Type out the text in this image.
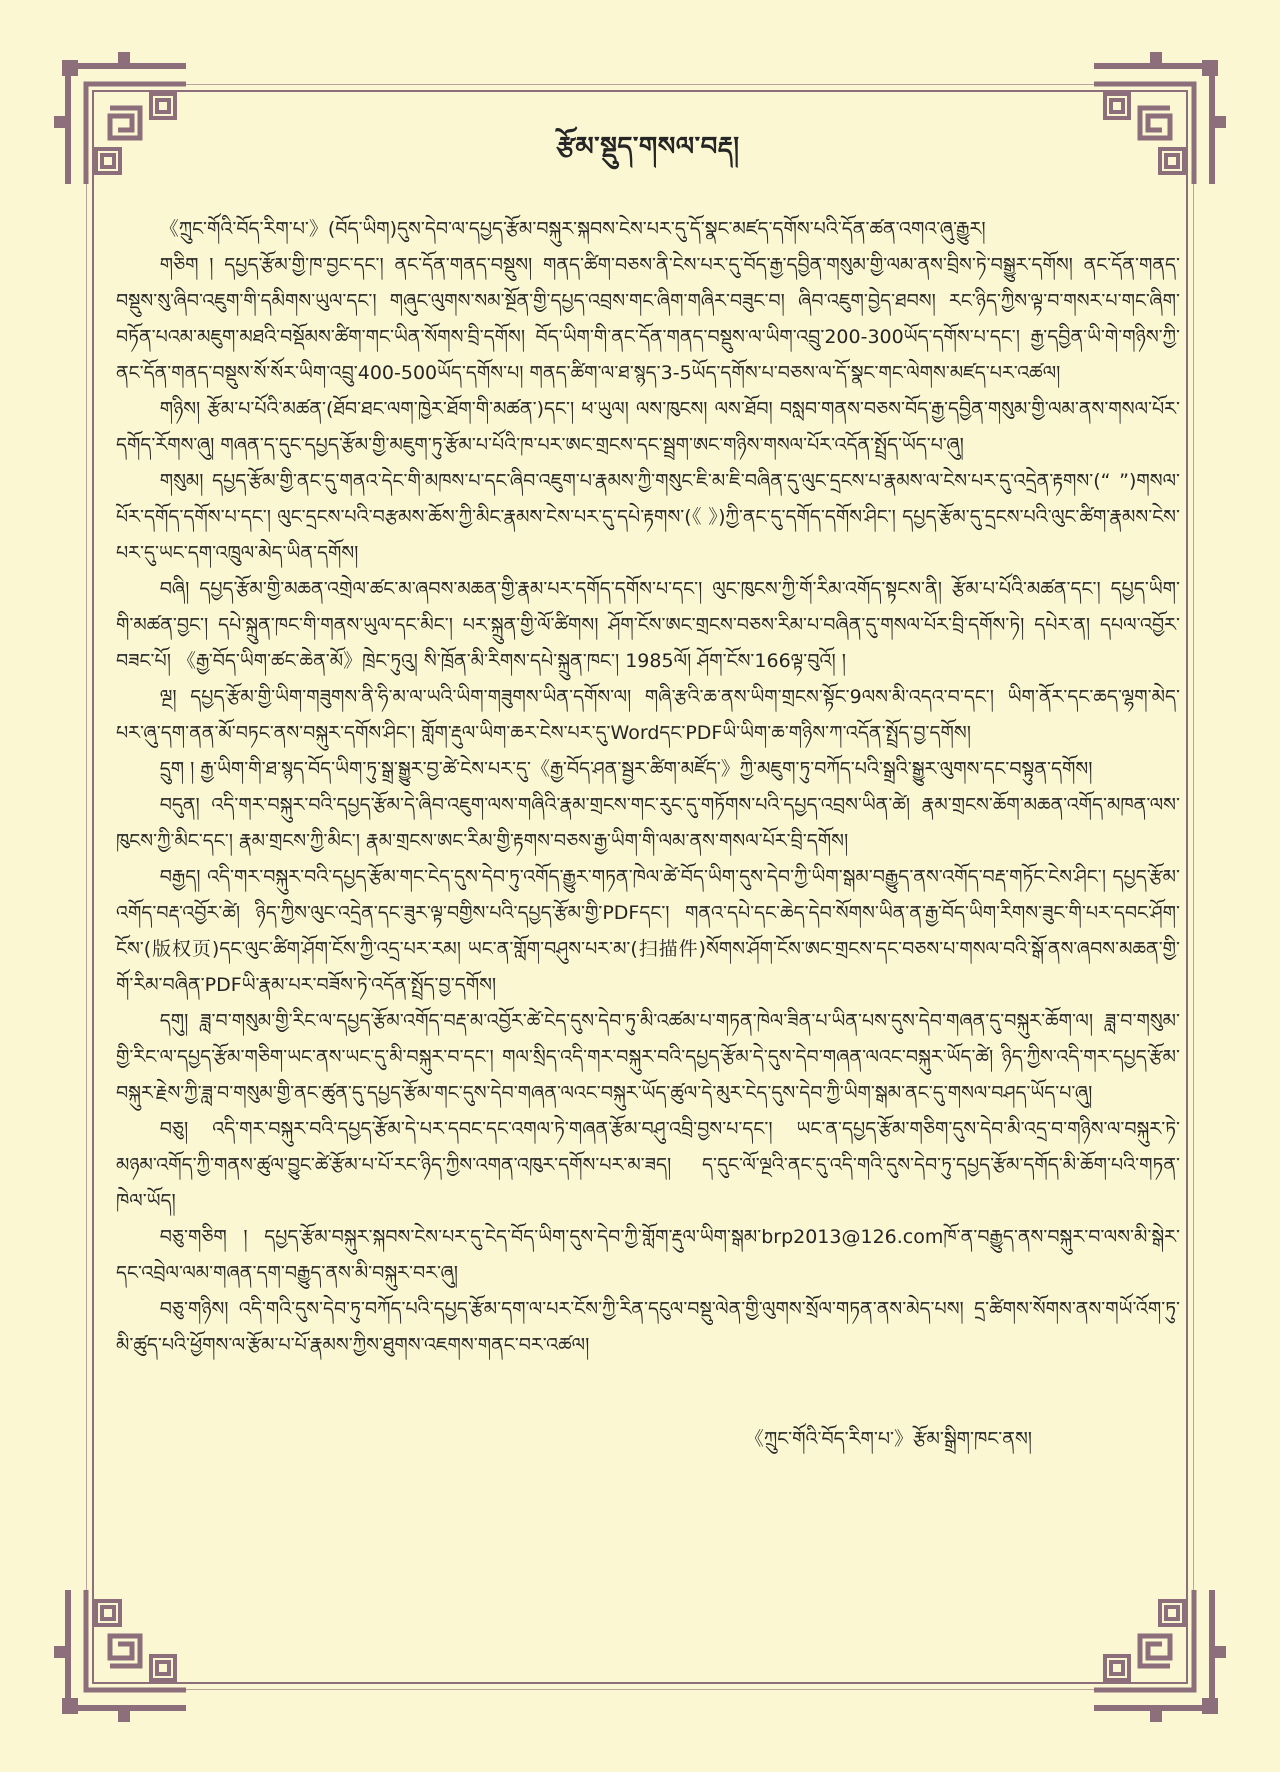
རྩོམ་སྡུད་གསལ་བརྡ།

《ཀྲུང་གོའི་བོད་རིག་པ་》(བོད་ཡིག)དུས་དེབ་ལ་དཔྱད་རྩོམ་བསྐུར་སྐབས་ངེས་པར་དུ་དོ་སྣང་མཛད་དགོས་པའི་དོན་ཚན་འགའ་ཞུ་རྒྱུར།

གཅིག ། དཔྱད་རྩོམ་གྱི་ཁ་བྱང་དང་། ནང་དོན་གནད་བསྡུས། གནད་ཚིག་བཅས་ནི་ངེས་པར་དུ་བོད་རྒྱ་དབྱིན་གསུམ་གྱི་ལམ་ནས་བྲིས་ཏེ་བསྒྱུར་དགོས། ནང་དོན་གནད་བསྡུས་སུ་ཞིབ་འཇུག་གི་དམིགས་ཡུལ་དང་། གཞུང་ལུགས་སམ་སྔོན་གྱི་དཔྱད་འབྲས་གང་ཞིག་གཞིར་བཟུང་བ། ཞིབ་འཇུག་བྱེད་ཐབས། རང་ཉིད་ཀྱིས་ལྟ་བ་གསར་པ་གང་ཞིག་བཏོན་པའམ་མཇུག་མཐའི་བསྡོམས་ཚིག་གང་ཡིན་སོགས་བྲི་དགོས། བོད་ཡིག་གི་ནང་དོན་གནད་བསྡུས་ལ་ཡིག་འབྲུ་200-300ཡོད་དགོས་པ་དང་། རྒྱ་དབྱིན་ཡི་གེ་གཉིས་ཀྱི་ནང་དོན་གནད་བསྡུས་སོ་སོར་ཡིག་འབྲུ་400-500ཡོད་དགོས་པ། གནད་ཚིག་ལ་ཐ་སྙད་3-5ཡོད་དགོས་པ་བཅས་ལ་དོ་སྣང་གང་ལེགས་མཛད་པར་འཚལ།

གཉིས། རྩོམ་པ་པོའི་མཚན་(ཐོབ་ཐང་ལག་ཁྱེར་ཐོག་གི་མཚན་)དང་། ཕ་ཡུལ། ལས་ཁུངས། ལས་ཐོབ། བསླབ་གནས་བཅས་བོད་རྒྱ་དབྱིན་གསུམ་གྱི་ལམ་ནས་གསལ་པོར་དགོད་རོགས་ཞུ། གཞན་ད་དུང་དཔྱད་རྩོམ་གྱི་མཇུག་ཏུ་རྩོམ་པ་པོའི་ཁ་པར་ཨང་གྲངས་དང་སྦྲག་ཨང་གཉིས་གསལ་པོར་འདོན་སྤྲོད་ཡོད་པ་ཞུ།

གསུམ། དཔྱད་རྩོམ་གྱི་ནང་དུ་གནའ་དེང་གི་མཁས་པ་དང་ཞིབ་འཇུག་པ་རྣམས་ཀྱི་གསུང་ཇི་མ་ཇི་བཞིན་དུ་ལུང་དྲངས་པ་རྣམས་ལ་ངེས་པར་དུ་འདྲེན་རྟགས་(“ ”)གསལ་པོར་དགོད་དགོས་པ་དང་། ལུང་དྲངས་པའི་བརྩམས་ཆོས་ཀྱི་མིང་རྣམས་ངེས་པར་དུ་དཔེ་རྟགས་(《 》)ཀྱི་ནང་དུ་དགོད་དགོས་ཤིང་། དཔྱད་རྩོམ་དུ་དྲངས་པའི་ལུང་ཚིག་རྣམས་ངེས་པར་དུ་ཡང་དག་འཁྲུལ་མེད་ཡིན་དགོས།

བཞི། དཔྱད་རྩོམ་གྱི་མཆན་འགྲེལ་ཚང་མ་ཞབས་མཆན་གྱི་རྣམ་པར་དགོད་དགོས་པ་དང་། ལུང་ཁུངས་ཀྱི་གོ་རིམ་འགོད་སྟངས་ནི། རྩོམ་པ་པོའི་མཚན་དང་། དཔྱད་ཡིག་གི་མཚན་བྱང་། དཔེ་སྐྲུན་ཁང་གི་གནས་ཡུལ་དང་མིང་། པར་སྐྲུན་གྱི་ལོ་ཚིགས། ཤོག་ངོས་ཨང་གྲངས་བཅས་རིམ་པ་བཞིན་དུ་གསལ་པོར་བྲི་དགོས་ཏེ། དཔེར་ན། དཔལ་འབྱོར་བཟང་པོ། 《རྒྱ་བོད་ཡིག་ཚང་ཆེན་མོ》ཁྲེང་ཏུའུ། སི་ཁྲོན་མི་རིགས་དཔེ་སྐྲུན་ཁང་། 1985ལོ། ཤོག་ངོས་166ལྟ་བུའོ། །

ལྔ། དཔྱད་རྩོམ་གྱི་ཡིག་གཟུགས་ནི་ཧི་མ་ལ་ཡའི་ཡིག་གཟུགས་ཡིན་དགོས་ལ། གཞི་རྩའི་ཆ་ནས་ཡིག་གྲངས་སྟོང་9ལས་མི་འདའ་བ་དང་། ཡིག་ནོར་དང་ཆད་ལྷག་མེད་པར་ཞུ་དག་ནན་མོ་བཏང་ནས་བསྐུར་དགོས་ཤིང་། གློག་རྡུལ་ཡིག་ཆར་ངེས་པར་དུ་Wordདང་PDFཡི་ཡིག་ཆ་གཉིས་ཀ་འདོན་སྤྲོད་བྱ་དགོས།

དྲུག ། རྒྱ་ཡིག་གི་ཐ་སྙད་བོད་ཡིག་ཏུ་སྒྲ་སྒྱུར་བྱ་ཚེ་ངེས་པར་དུ་《རྒྱ་བོད་ཤན་སྦྱར་ཚིག་མཛོད་》ཀྱི་མཇུག་ཏུ་བཀོད་པའི་སྒྲའི་སྒྱུར་ལུགས་དང་བསྟུན་དགོས།

བདུན། འདི་གར་བསྐུར་བའི་དཔྱད་རྩོམ་དེ་ཞིབ་འཇུག་ལས་གཞིའི་རྣམ་གྲངས་གང་རུང་དུ་གཏོགས་པའི་དཔྱད་འབྲས་ཡིན་ཚེ། རྣམ་གྲངས་ཆོག་མཆན་འགོད་མཁན་ལས་ཁུངས་ཀྱི་མིང་དང་། རྣམ་གྲངས་ཀྱི་མིང་། རྣམ་གྲངས་ཨང་རིམ་གྱི་རྟགས་བཅས་རྒྱ་ཡིག་གི་ལམ་ནས་གསལ་པོར་བྲི་དགོས།

བརྒྱད། འདི་གར་བསྐུར་བའི་དཔྱད་རྩོམ་གང་ངེད་དུས་དེབ་ཏུ་འགོད་རྒྱུར་གཏན་ཁེལ་ཚེ་བོད་ཡིག་དུས་དེབ་ཀྱི་ཡིག་སྒམ་བརྒྱུད་ནས་འགོད་བརྡ་གཏོང་ངེས་ཤིང་། དཔྱད་རྩོམ་འགོད་བརྡ་འབྱོར་ཚེ། ཉིད་ཀྱིས་ལུང་འདྲེན་དང་ཟུར་ལྟ་བགྱིས་པའི་དཔྱད་རྩོམ་གྱི་PDFདང་། གནའ་དཔེ་དང་ཆེད་དེབ་སོགས་ཡིན་ན་རྒྱ་བོད་ཡིག་རིགས་ཟུང་གི་པར་དབང་ཤོག་ངོས་(版权页)དང་ལུང་ཚིག་ཤོག་ངོས་ཀྱི་འདྲ་པར་རམ། ཡང་ན་གློག་བཤུས་པར་མ་(扫描件)སོགས་ཤོག་ངོས་ཨང་གྲངས་དང་བཅས་པ་གསལ་བའི་སྒོ་ནས་ཞབས་མཆན་གྱི་གོ་རིམ་བཞིན་PDFཡི་རྣམ་པར་བཟོས་ཏེ་འདོན་སྤྲོད་བྱ་དགོས།

དགུ། ཟླ་བ་གསུམ་གྱི་རིང་ལ་དཔྱད་རྩོམ་འགོད་བརྡ་མ་འབྱོར་ཚེ་ངེད་དུས་དེབ་ཏུ་མི་འཚམ་པ་གཏན་ཁེལ་ཟིན་པ་ཡིན་པས་དུས་དེབ་གཞན་དུ་བསྐུར་ཆོག་ལ། ཟླ་བ་གསུམ་གྱི་རིང་ལ་དཔྱད་རྩོམ་གཅིག་ཡང་ནས་ཡང་དུ་མི་བསྐུར་བ་དང་། གལ་སྲིད་འདི་གར་བསྐུར་བའི་དཔྱད་རྩོམ་དེ་དུས་དེབ་གཞན་ལའང་བསྐུར་ཡོད་ཚེ། ཉིད་ཀྱིས་འདི་གར་དཔྱད་རྩོམ་བསྐུར་རྗེས་ཀྱི་ཟླ་བ་གསུམ་གྱི་ནང་ཚུན་དུ་དཔྱད་རྩོམ་གང་དུས་དེབ་གཞན་ལའང་བསྐུར་ཡོད་ཚུལ་དེ་མུར་ངེད་དུས་དེབ་ཀྱི་ཡིག་སྒམ་ནང་དུ་གསལ་བཤད་ཡོད་པ་ཞུ།

བཅུ། འདི་གར་བསྐུར་བའི་དཔྱད་རྩོམ་དེ་པར་དབང་དང་འགལ་ཏེ་གཞན་རྩོམ་བཤུ་འབྲི་བྱས་པ་དང་། ཡང་ན་དཔྱད་རྩོམ་གཅིག་དུས་དེབ་མི་འདྲ་བ་གཉིས་ལ་བསྐུར་ཏེ་མཉམ་འགོད་ཀྱི་གནས་ཚུལ་བྱུང་ཚེ་རྩོམ་པ་པོ་རང་ཉིད་ཀྱིས་འགན་འཁུར་དགོས་པར་མ་ཟད། ད་དུང་ལོ་ལྔའི་ནང་དུ་འདི་གའི་དུས་དེབ་ཏུ་དཔྱད་རྩོམ་དགོད་མི་ཆོག་པའི་གཏན་ཁེལ་ཡོད།

བཅུ་གཅིག ། དཔྱད་རྩོམ་བསྐུར་སྐབས་ངེས་པར་དུ་ངེད་བོད་ཡིག་དུས་དེབ་ཀྱི་གློག་རྡུལ་ཡིག་སྒམ་brp2013@126.comཁོ་ན་བརྒྱུད་ནས་བསྐུར་བ་ལས་མི་སྒེར་དང་འབྲེལ་ལམ་གཞན་དག་བརྒྱུད་ནས་མི་བསྐུར་བར་ཞུ།

བཅུ་གཉིས། འདི་གའི་དུས་དེབ་ཏུ་བཀོད་པའི་དཔྱད་རྩོམ་དག་ལ་པར་ངོས་ཀྱི་རིན་དངུལ་བསྡུ་ལེན་གྱི་ལུགས་སྲོལ་གཏན་ནས་མེད་པས། དྲ་ཚིགས་སོགས་ནས་གཡོ་འོག་ཏུ་མི་ཚུད་པའི་ཕྱོགས་ལ་རྩོམ་པ་པོ་རྣམས་ཀྱིས་ཐུགས་འཇགས་གནང་བར་འཚལ།

《ཀྲུང་གོའི་བོད་རིག་པ་》རྩོམ་སྒྲིག་ཁང་ནས།
